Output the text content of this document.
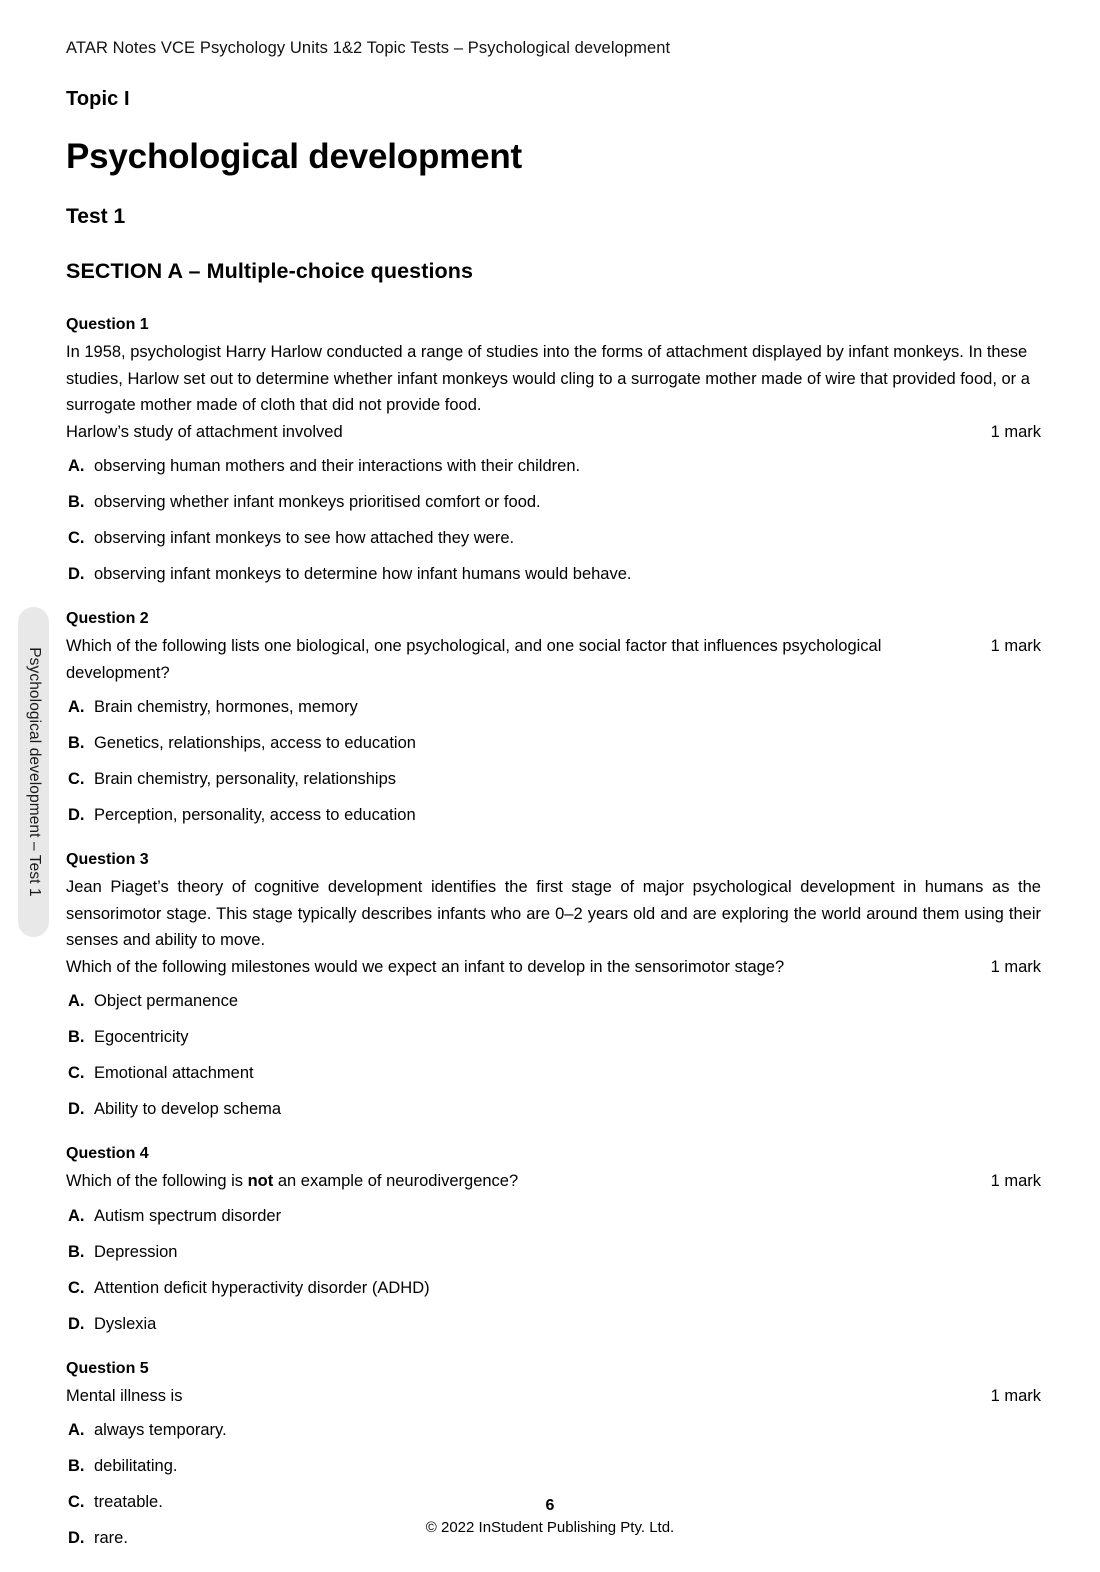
ATAR Notes VCE Psychology Units 1&2 Topic Tests – Psychological development
Psychological development – Test 1
Topic I
Psychological development
Test 1
SECTION A – Multiple-choice questions
Question 1

In 1958, psychologist Harry Harlow conducted a range of studies into the forms of attachment displayed by infant monkeys. In these studies, Harlow set out to determine whether infant monkeys would cling to a surrogate mother made of wire that provided food, or a surrogate mother made of cloth that did not provide food.

Harlow’s study of attachment involved	1 mark
A. observing human mothers and their interactions with their children.
B. observing whether infant monkeys prioritised comfort or food.
C. observing infant monkeys to see how attached they were.
D. observing infant monkeys to determine how infant humans would behave.
Question 2
Which of the following lists one biological, one psychological, and one social factor that influences psychological development?
1 mark
A. Brain chemistry, hormones, memory
B. Genetics, relationships, access to education
C. Brain chemistry, personality, relationships
D. Perception, personality, access to education
Question 3

Jean Piaget’s theory of cognitive development identifies the first stage of major psychological development in humans as the sensorimotor stage. This stage typically describes infants who are 0–2 years old and are exploring the world around them using their senses and ability to move.

Which of the following milestones would we expect an infant to develop in the sensorimotor stage?	1 mark
A. Object permanence
B. Egocentricity
C. Emotional attachment
D. Ability to develop schema
Question 4
Which of the following is not an example of neurodivergence?	1 mark
A. Autism spectrum disorder
B. Depression
C. Attention deficit hyperactivity disorder (ADHD)
D. Dyslexia
Question 5
Mental illness is	1 mark
A. always temporary.
B. debilitating.
C. treatable.
D. rare.
6
© 2022 InStudent Publishing Pty. Ltd.
